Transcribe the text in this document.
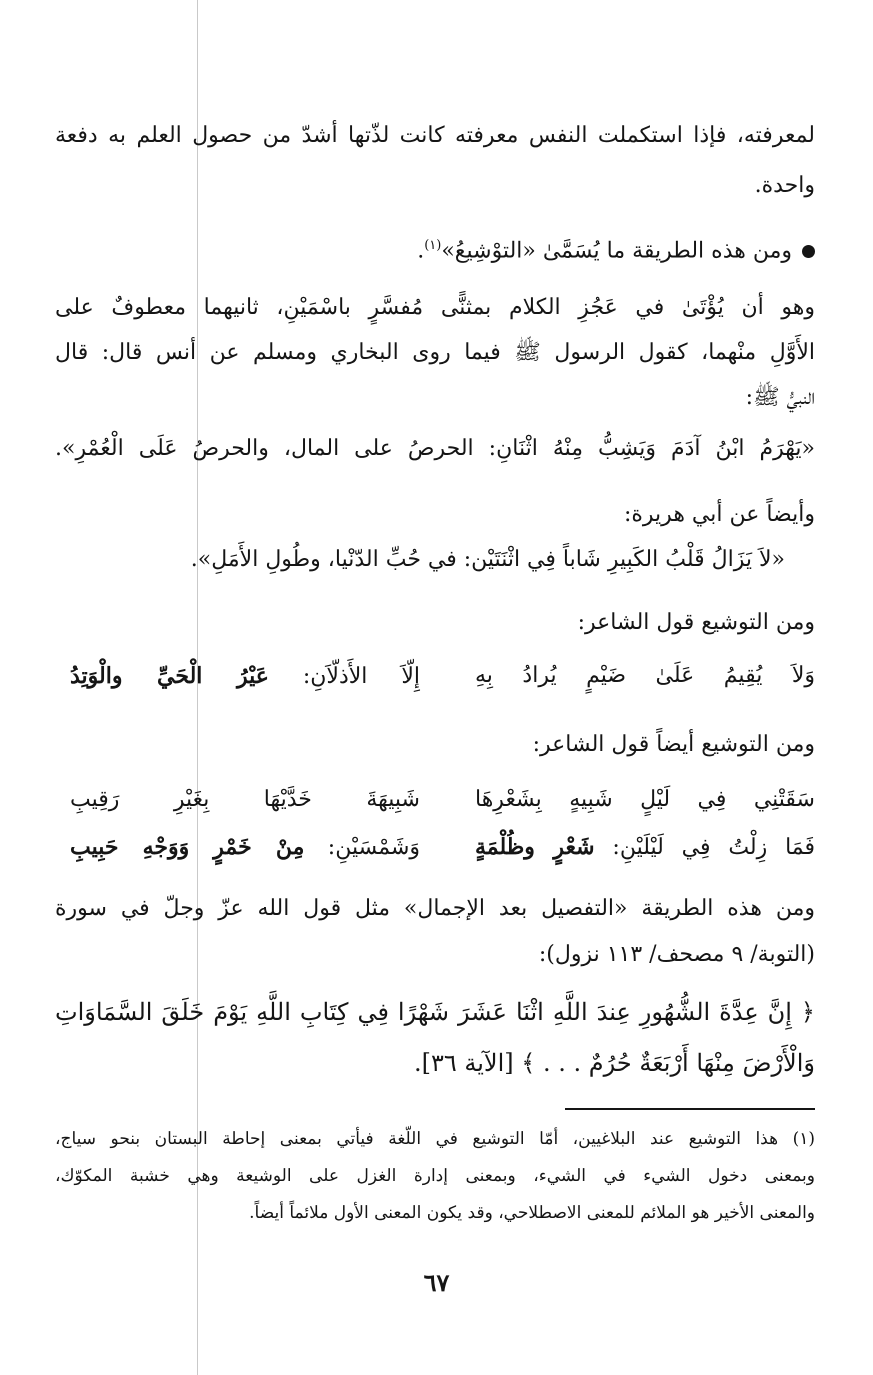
لمعرفته، فإذا استكملت النفس معرفته كانت لذّتها أشدّ من حصول العلم به دفعة
واحدة.
ومن هذه الطريقة ما يُسَمَّىٰ «التوْشِيعُ»$^{(١)}$.
وهو أن يُؤْتَىٰ في عَجُزِ الكلام بمثنًّى مُفسَّرٍ باسْمَيْنِ، ثانيهما معطوفٌ على
الأَوَّلِ منْهما، كقول الرسول ﷺ فيما روى البخاري ومسلم عن أنس قال: قال
النبيُّ ﷺ:
«يَهْرَمُ ابْنُ آدَمَ وَيَشِبُّ مِنْهُ اثْنَانِ: الحرصُ على المال، والحرصُ عَلَى الْعُمْرِ».
وأيضاً عن أبي هريرة:
«لاَ يَزَالُ قَلْبُ الكَبِيرِ شَاباً فِي اثْنَتَيْن: في حُبِّ الدّنْيا، وطُولِ الأَمَلِ».
ومن التوشيع قول الشاعر:
وَلاَ يُقِيمُ عَلَىٰ ضَيْمٍ يُرادُ بِهِ
إِلّاَ الأَذلّاَنِ: عَيْرُ الْحَيِّ والْوَتِدُ
ومن التوشيع أيضاً قول الشاعر:
سَقَتْنِي فِي لَيْلٍ شَبِيهٍ بِشَعْرِهَا
شَبِيهَةَ خَدَّيْهَا بِغَيْرِ رَقِيبِ
فَمَا زِلْتُ فِي لَيْلَيْنِ: شَعْرٍ وظُلْمَةٍ
وَشَمْسَيْنِ: مِنْ خَمْرٍ وَوَجْهِ حَبِيبِ
ومن هذه الطريقة «التفصيل بعد الإجمال» مثل قول الله عزّ وجلّ في سورة
(التوبة/ ٩ مصحف/ ١١٣ نزول):
﴿ إِنَّ عِدَّةَ الشُّهُورِ عِندَ اللَّهِ اثْنَا عَشَرَ شَهْرًا فِي كِتَابِ اللَّهِ يَوْمَ خَلَقَ السَّمَاوَاتِ
وَالْأَرْضَ مِنْهَا أَرْبَعَةٌ حُرُمٌ . . . ﴾ [الآية ٣٦].
(١) هذا التوشيع عند البلاغيين، أمّا التوشيع في اللّغة فيأتي بمعنى إحاطة البستان بنحو سياج،
وبمعنى دخول الشيء في الشيء، وبمعنى إدارة الغزل على الوشيعة وهي خشبة المكوّك،
والمعنى الأخير هو الملائم للمعنى الاصطلاحي، وقد يكون المعنى الأول ملائماً أيضاً.
٦٧
